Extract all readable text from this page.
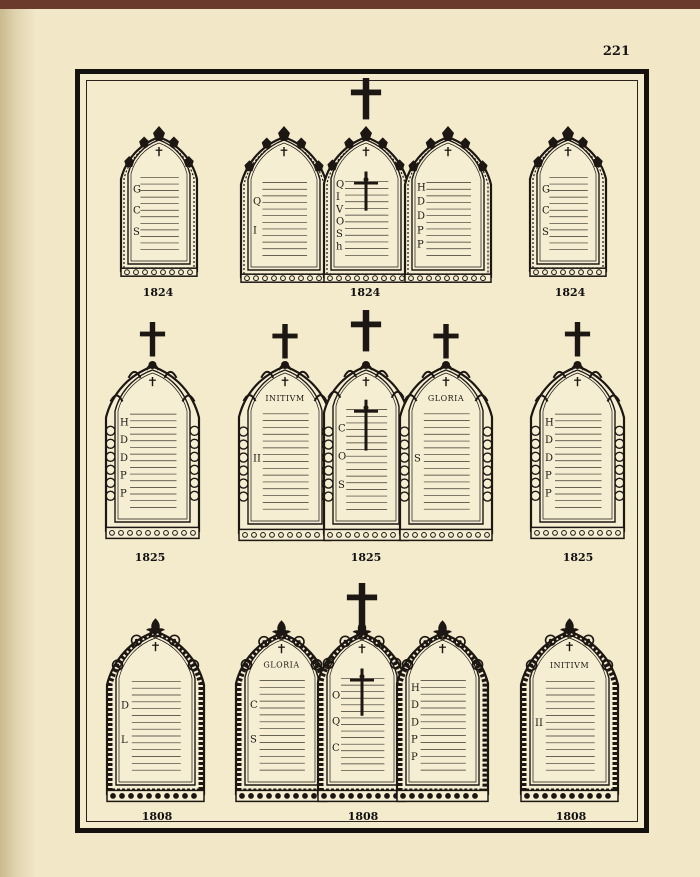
221
G
C
S
Q
I
Q
I
V
O
S
h
H
D
D
P
P
G
C
S
H
D
D
P
P
INITIVM
II
C
O
S
GLORIA
S
H
D
D
P
P
D
L
GLORIA
C
S
O
Q
C
H
D
D
P
P
INITIVM
II
1824	1824	1824
1825	1825	1825
1808	1808	1808
